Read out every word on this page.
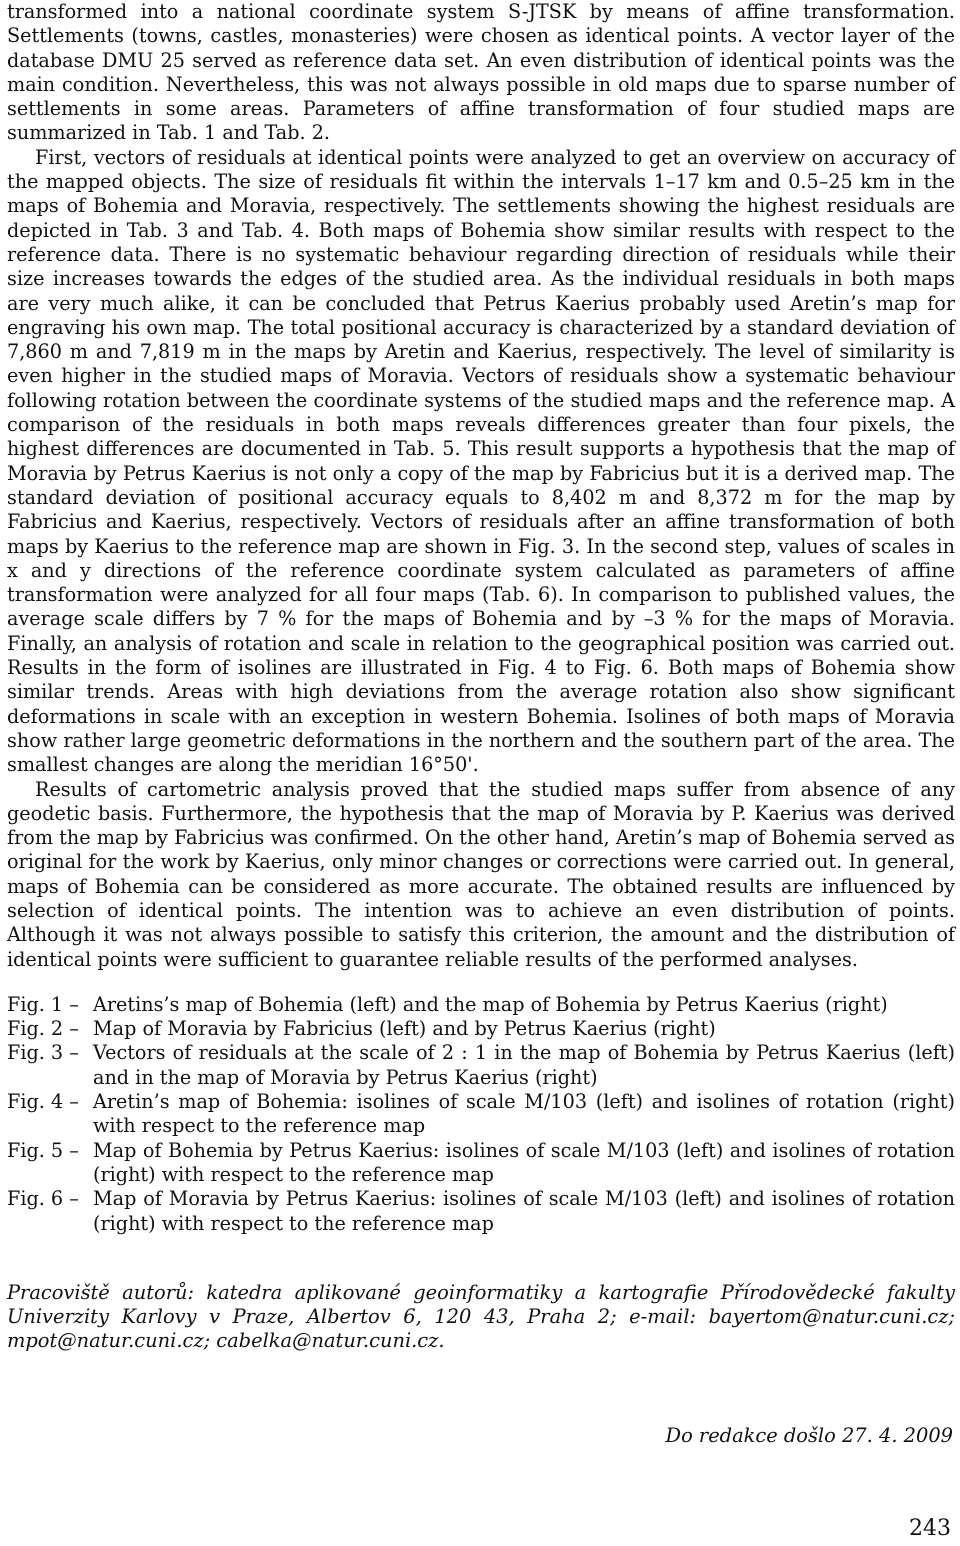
transformed into a national coordinate system S-JTSK by means of affine transformation. Settlements (towns, castles, monasteries) were chosen as identical points. A vector layer of the database DMU 25 served as reference data set. An even distribution of identical points was the main condition. Nevertheless, this was not always possible in old maps due to sparse number of settlements in some areas. Parameters of affine transformation of four studied maps are summarized in Tab. 1 and Tab. 2.

First, vectors of residuals at identical points were analyzed to get an overview on accuracy of the mapped objects. The size of residuals fit within the intervals 1–17 km and 0.5–25 km in the maps of Bohemia and Moravia, respectively. The settlements showing the highest residuals are depicted in Tab. 3 and Tab. 4. Both maps of Bohemia show similar results with respect to the reference data. There is no systematic behaviour regarding direction of residuals while their size increases towards the edges of the studied area. As the individual residuals in both maps are very much alike, it can be concluded that Petrus Kaerius probably used Aretin’s map for engraving his own map. The total positional accuracy is characterized by a standard deviation of 7,860 m and 7,819 m in the maps by Aretin and Kaerius, respectively. The level of similarity is even higher in the studied maps of Moravia. Vectors of residuals show a systematic behaviour following rotation between the coordinate systems of the studied maps and the reference map. A comparison of the residuals in both maps reveals differences greater than four pixels, the highest differences are documented in Tab. 5. This result supports a hypothesis that the map of Moravia by Petrus Kaerius is not only a copy of the map by Fabricius but it is a derived map. The standard deviation of positional accuracy equals to 8,402 m and 8,372 m for the map by Fabricius and Kaerius, respectively. Vectors of residuals after an affine transformation of both maps by Kaerius to the reference map are shown in Fig. 3. In the second step, values of scales in x and y directions of the reference coordinate system calculated as parameters of affine transformation were analyzed for all four maps (Tab. 6). In comparison to published values, the average scale differs by 7 % for the maps of Bohemia and by –3 % for the maps of Moravia. Finally, an analysis of rotation and scale in relation to the geographical position was carried out. Results in the form of isolines are illustrated in Fig. 4 to Fig. 6. Both maps of Bohemia show similar trends. Areas with high deviations from the average rotation also show significant deformations in scale with an exception in western Bohemia. Isolines of both maps of Moravia show rather large geometric deformations in the northern and the southern part of the area. The smallest changes are along the meridian 16°50'.

Results of cartometric analysis proved that the studied maps suffer from absence of any geodetic basis. Furthermore, the hypothesis that the map of Moravia by P. Kaerius was derived from the map by Fabricius was confirmed. On the other hand, Aretin’s map of Bohemia served as original for the work by Kaerius, only minor changes or corrections were carried out. In general, maps of Bohemia can be considered as more accurate. The obtained results are influenced by selection of identical points. The intention was to achieve an even distribution of points. Although it was not always possible to satisfy this criterion, the amount and the distribution of identical points were sufficient to guarantee reliable results of the performed analyses.

Fig. 1 – Aretins’s map of Bohemia (left) and the map of Bohemia by Petrus Kaerius (right)
Fig. 2 – Map of Moravia by Fabricius (left) and by Petrus Kaerius (right)
Fig. 3 – Vectors of residuals at the scale of 2 : 1 in the map of Bohemia by Petrus Kaerius (left) and in the map of Moravia by Petrus Kaerius (right)
Fig. 4 – Aretin’s map of Bohemia: isolines of scale M/103 (left) and isolines of rotation (right) with respect to the reference map
Fig. 5 – Map of Bohemia by Petrus Kaerius: isolines of scale M/103 (left) and isolines of rotation (right) with respect to the reference map
Fig. 6 – Map of Moravia by Petrus Kaerius: isolines of scale M/103 (left) and isolines of rotation (right) with respect to the reference map

Pracoviště autorů: katedra aplikované geoinformatiky a kartografie Přírodovědecké fakulty Univerzity Karlovy v Praze, Albertov 6, 120 43, Praha 2; e-mail: bayertom@natur.cuni.cz; mpot@natur.cuni.cz; cabelka@natur.cuni.cz.

Do redakce došlo 27. 4. 2009
243
